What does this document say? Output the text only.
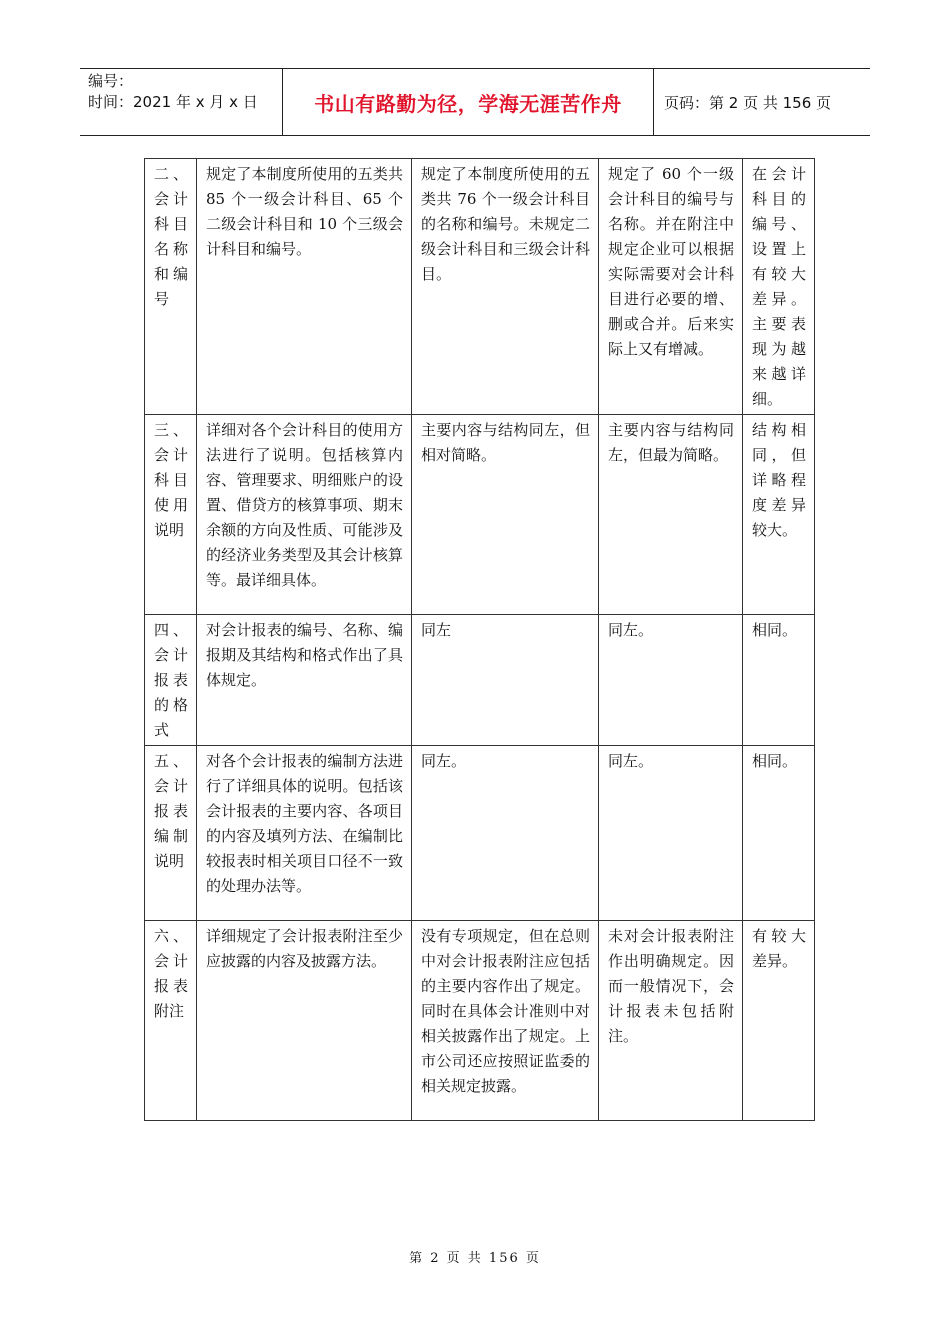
编号：
时间：2021 年 x 月 x 日	书山有路勤为径，学海无涯苦作舟	页码：第 2 页 共 156 页
二、会计科目名称和编号	规定了本制度所使用的五类共 85 个一级会计科目、65 个二级会计科目和 10 个三级会计科目和编号。	规定了本制度所使用的五类共 76 个一级会计科目的名称和编号。未规定二级会计科目和三级会计科目。	规定了 60 个一级会计科目的编号与名称。并在附注中规定企业可以根据实际需要对会计科目进行必要的增、删或合并。后来实际上又有增减。	在会计科目的编号、设置上有较大差异。主要表现为越来越详细。
三、会计科目使用说明	详细对各个会计科目的使用方法进行了说明。包括核算内容、管理要求、明细账户的设置、借贷方的核算事项、期末余额的方向及性质、可能涉及的经济业务类型及其会计核算等。最详细具体。	主要内容与结构同左，但相对简略。	主要内容与结构同左，但最为简略。	结构相同，但详略程度差异较大。
四、会计报表的格式	对会计报表的编号、名称、编报期及其结构和格式作出了具体规定。	同左	同左。	相同。
五、会计报表编制说明	对各个会计报表的编制方法进行了详细具体的说明。包括该会计报表的主要内容、各项目的内容及填列方法、在编制比较报表时相关项目口径不一致的处理办法等。	同左。	同左。	相同。
六、会计报表附注	详细规定了会计报表附注至少应披露的内容及披露方法。	没有专项规定，但在总则中对会计报表附注应包括的主要内容作出了规定。同时在具体会计准则中对相关披露作出了规定。上市公司还应按照证监委的相关规定披露。	未对会计报表附注作出明确规定。因而一般情况下，会计报表未包括附注。	有较大差异。
第 2 页 共 156 页
